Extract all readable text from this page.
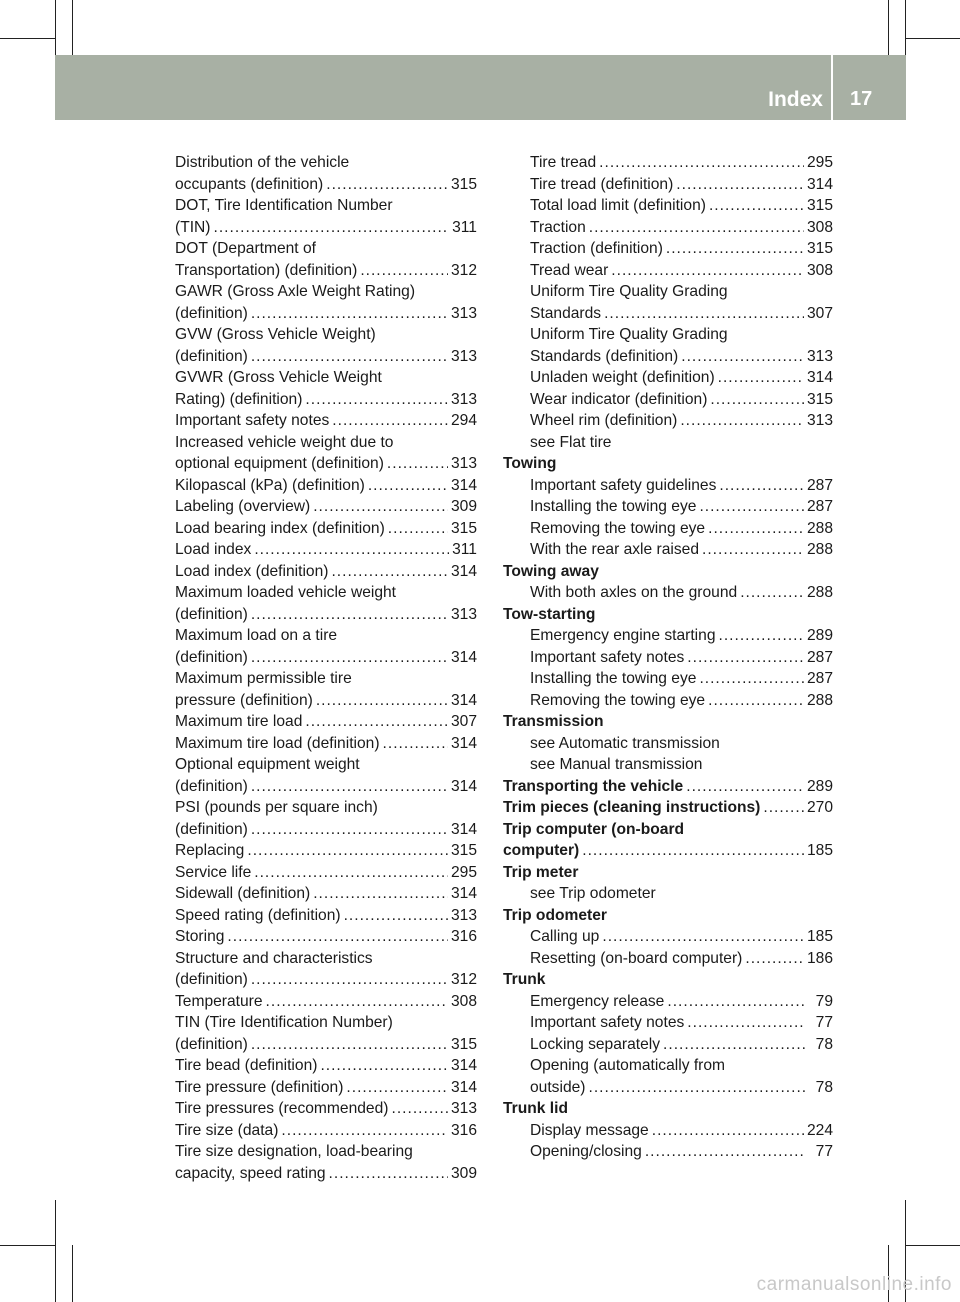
Index 17
Distribution of the vehicle
occupants (definition) .....	315
DOT, Tire Identification Number
(TIN) .....	311
DOT (Department of
Transportation) (definition) .....	312
GAWR (Gross Axle Weight Rating)
(definition) .....	313
GVW (Gross Vehicle Weight)
(definition) .....	313
GVWR (Gross Vehicle Weight
Rating) (definition) .....	313
Important safety notes .....	294
Increased vehicle weight due to
optional equipment (definition) .....	313
Kilopascal (kPa) (definition) .....	314
Labeling (overview) .....	309
Load bearing index (definition) .....	315
Load index .....	311
Load index (definition) .....	314
Maximum loaded vehicle weight
(definition) .....	313
Maximum load on a tire
(definition) .....	314
Maximum permissible tire
pressure (definition) .....	314
Maximum tire load .....	307
Maximum tire load (definition) .....	314
Optional equipment weight
(definition) .....	314
PSI (pounds per square inch)
(definition) .....	314
Replacing .....	315
Service life .....	295
Sidewall (definition) .....	314
Speed rating (definition) .....	313
Storing .....	316
Structure and characteristics
(definition) .....	312
Temperature .....	308
TIN (Tire Identification Number)
(definition) .....	315
Tire bead (definition) .....	314
Tire pressure (definition) .....	314
Tire pressures (recommended) .....	313
Tire size (data) .....	316
Tire size designation, load-bearing
capacity, speed rating .....	309
Tire tread .....	295
Tire tread (definition) .....	314
Total load limit (definition) .....	315
Traction .....	308
Traction (definition) .....	315
Tread wear .....	308
Uniform Tire Quality Grading
Standards .....	307
Uniform Tire Quality Grading
Standards (definition) .....	313
Unladen weight (definition) .....	314
Wear indicator (definition) .....	315
Wheel rim (definition) .....	313
see Flat tire
Towing
Important safety guidelines .....	287
Installing the towing eye .....	287
Removing the towing eye .....	288
With the rear axle raised .....	288
Towing away
With both axles on the ground .....	288
Tow-starting
Emergency engine starting .....	289
Important safety notes .....	287
Installing the towing eye .....	287
Removing the towing eye .....	288
Transmission
see Automatic transmission
see Manual transmission
Transporting the vehicle .....	289
Trim pieces (cleaning instructions) .....	270
Trip computer (on-board
computer) .....	185
Trip meter
see Trip odometer
Trip odometer
Calling up .....	185
Resetting (on-board computer) .....	186
Trunk
Emergency release .....	79
Important safety notes .....	77
Locking separately .....	78
Opening (automatically from
outside) .....	78
Trunk lid
Display message .....	224
Opening/closing .....	77
carmanualsonline.info
